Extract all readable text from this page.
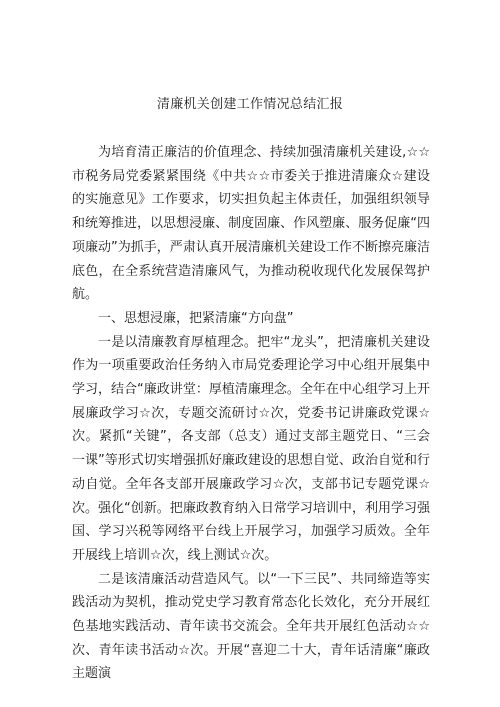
清廉机关创建工作情况总结汇报

为培育清正廉洁的价值理念、持续加强清廉机关建设,☆☆市税务局党委紧紧围绕《中共☆☆市委关于推进清廉众☆建设的实施意见》工作要求，切实担负起主体责任，加强组织领导和统筹推进，以思想浸廉、制度固廉、作风塑廉、服务促廉“四项廉动”为抓手，严肃认真开展清廉机关建设工作不断擦亮廉洁底色，在全系统营造清廉风气，为推动税收现代化发展保驾护航。

一、思想浸廉，把紧清廉“方向盘”

一是以清廉教育厚植理念。把牢“龙头”，把清廉机关建设作为一项重要政治任务纳入市局党委理论学习中心组开展集中学习，结合“廉政讲堂：厚植清廉理念。全年在中心组学习上开展廉政学习☆次，专题交流研讨☆次，党委书记讲廉政党课☆次。紧抓“关键”，各支部（总支）通过支部主题党日、“三会一课”等形式切实增强抓好廉政建设的思想自觉、政治自觉和行动自觉。全年各支部开展廉政学习☆次，支部书记专题党课☆次。强化“创新。把廉政教育纳入日常学习培训中，利用学习强国、学习兴税等网络平台线上开展学习，加强学习质效。全年开展线上培训☆次，线上测试☆次。

二是该清廉活动营造风气。以“一下三民”、共同缔造等实践活动为契机，推动党史学习教育常态化长效化，充分开展红色基地实践活动、青年读书交流会。全年共开展红色活动☆☆次、青年读书活动☆次。开展“喜迎二十大，青年话清廉“廉政主题演
